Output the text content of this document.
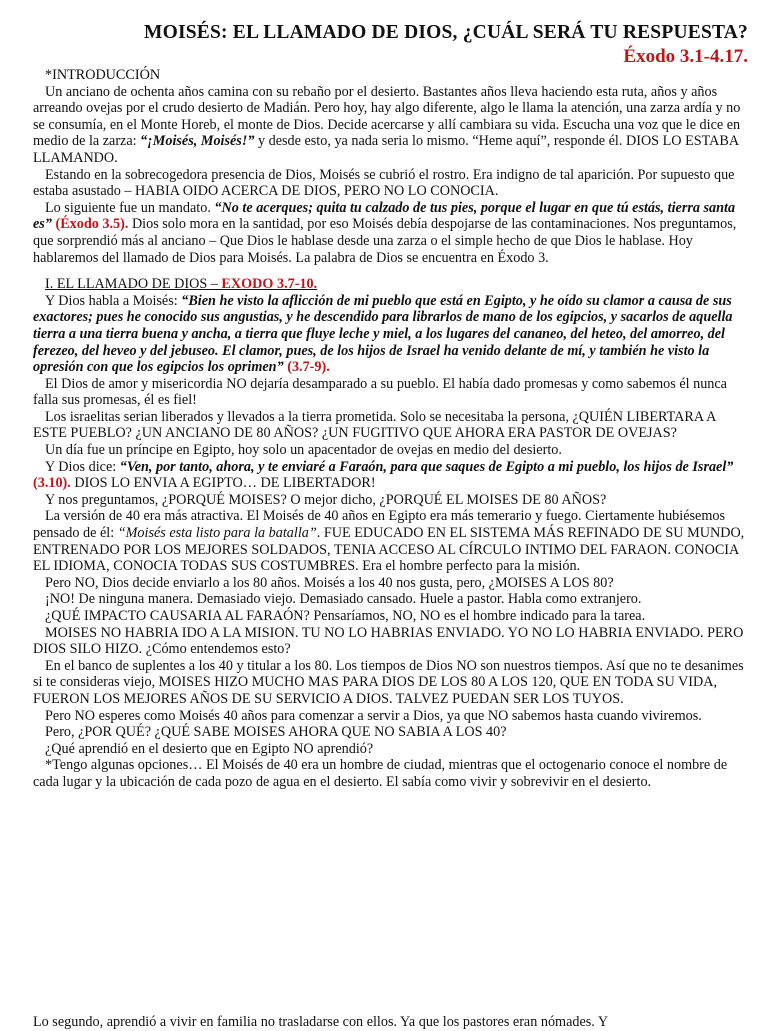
MOISÉS: EL LLAMADO DE DIOS, ¿CUÁL SERÁ TU RESPUESTA?
Éxodo 3.1-4.17.

*INTRODUCCIÓN

Un anciano de ochenta años camina con su rebaño por el desierto. Bastantes años lleva haciendo esta ruta, años y años arreando ovejas por el crudo desierto de Madián. Pero hoy, hay algo diferente, algo le llama la atención, una zarza ardía y no se consumía, en el Monte Horeb, el monte de Dios. Decide acercarse y allí cambiara su vida. Escucha una voz que le dice en medio de la zarza: “¡Moisés, Moisés!” y desde esto, ya nada seria lo mismo. “Heme aquí”, responde él. DIOS LO ESTABA LLAMANDO.

Estando en la sobrecogedora presencia de Dios, Moisés se cubrió el rostro. Era indigno de tal aparición. Por supuesto que estaba asustado – HABIA OIDO ACERCA DE DIOS, PERO NO LO CONOCIA.

Lo siguiente fue un mandato. “No te acerques; quita tu calzado de tus pies, porque el lugar en que tú estás, tierra santa es” (Éxodo 3.5). Dios solo mora en la santidad, por eso Moisés debía despojarse de las contaminaciones. Nos preguntamos, que sorprendió más al anciano – Que Dios le hablase desde una zarza o el simple hecho de que Dios le hablase. Hoy hablaremos del llamado de Dios para Moisés. La palabra de Dios se encuentra en Éxodo 3.

I. EL LLAMADO DE DIOS – EXODO 3.7-10.

Y Dios habla a Moisés: “Bien he visto la aflicción de mi pueblo que está en Egipto, y he oído su clamor a causa de sus exactores; pues he conocido sus angustias, y he descendido para librarlos de mano de los egipcios, y sacarlos de aquella tierra a una tierra buena y ancha, a tierra que fluye leche y miel, a los lugares del cananeo, del heteo, del amorreo, del ferezeo, del heveo y del jebuseo. El clamor, pues, de los hijos de Israel ha venido delante de mí, y también he visto la opresión con que los egipcios los oprimen” (3.7-9).

El Dios de amor y misericordia NO dejaría desamparado a su pueblo. El había dado promesas y como sabemos él nunca falla sus promesas, él es fiel!

Los israelitas serian liberados y llevados a la tierra prometida. Solo se necesitaba la persona, ¿QUIÉN LIBERTARA A ESTE PUEBLO? ¿UN ANCIANO DE 80 AÑOS? ¿UN FUGITIVO QUE AHORA ERA PASTOR DE OVEJAS?

Un día fue un príncipe en Egipto, hoy solo un apacentador de ovejas en medio del desierto.

Y Dios dice: “Ven, por tanto, ahora, y te enviaré a Faraón, para que saques de Egipto a mi pueblo, los hijos de Israel” (3.10). DIOS LO ENVIA A EGIPTO… DE LIBERTADOR!

Y nos preguntamos, ¿PORQUÉ MOISES? O mejor dicho, ¿PORQUÉ EL MOISES DE 80 AÑOS?

La versión de 40 era más atractiva. El Moisés de 40 años en Egipto era más temerario y fuego. Ciertamente hubiésemos pensado de él: “Moisés esta listo para la batalla”. FUE EDUCADO EN EL SISTEMA MÁS REFINADO DE SU MUNDO, ENTRENADO POR LOS MEJORES SOLDADOS, TENIA ACCESO AL CÍRCULO INTIMO DEL FARAON. CONOCIA EL IDIOMA, CONOCIA TODAS SUS COSTUMBRES. Era el hombre perfecto para la misión.

Pero NO, Dios decide enviarlo a los 80 años. Moisés a los 40 nos gusta, pero, ¿MOISES A LOS 80?

¡NO! De ninguna manera. Demasiado viejo. Demasiado cansado. Huele a pastor. Habla como extranjero.

¿QUÉ IMPACTO CAUSARIA AL FARAÓN? Pensaríamos, NO, NO es el hombre indicado para la tarea.

MOISES NO HABRIA IDO A LA MISION. TU NO LO HABRIAS ENVIADO. YO NO LO HABRIA ENVIADO. PERO DIOS SILO HIZO. ¿Cómo entendemos esto?

En el banco de suplentes a los 40 y titular a los 80. Los tiempos de Dios NO son nuestros tiempos. Así que no te desanimes si te consideras viejo, MOISES HIZO MUCHO MAS PARA DIOS DE LOS 80 A LOS 120, QUE EN TODA SU VIDA, FUERON LOS MEJORES AÑOS DE SU SERVICIO A DIOS. TALVEZ PUEDAN SER LOS TUYOS.

Pero NO esperes como Moisés 40 años para comenzar a servir a Dios, ya que NO sabemos hasta cuando viviremos.

Pero, ¿POR QUÉ? ¿QUÉ SABE MOISES AHORA QUE NO SABIA A LOS 40?

¿Qué aprendió en el desierto que en Egipto NO aprendió?

*Tengo algunas opciones… El Moisés de 40 era un hombre de ciudad, mientras que el octogenario conoce el nombre de cada lugar y la ubicación de cada pozo de agua en el desierto. El sabía como vivir y sobrevivir en el desierto.

Lo segundo, aprendió a vivir en familia no trasladarse con ellos. Ya que los pastores eran nómades. Y
